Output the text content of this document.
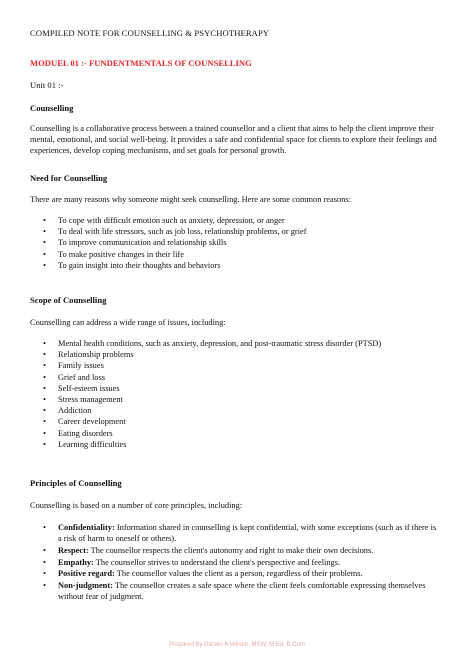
COMPILED NOTE FOR COUNSELLING & PSYCHOTHERAPY
MODUEL 01 :- FUNDENTMENTALS OF COUNSELLING
Unit 01 :-
Counselling

Counselling is a collaborative process between a trained counsellor and a client that aims to help the client improve their mental, emotional, and social well-being. It provides a safe and confidential space for clients to explore their feelings and experiences, develop coping mechanisms, and set goals for personal growth.

Need for Counselling

There are many reasons why someone might seek counselling. Here are some common reasons:

• To cope with difficult emotion such as anxiety, depression, or anger
• To deal with life stressors, such as job loss, relationship problems, or grief
• To improve communication and relationship skills
• To make positive changes in their life
• To gain insight into their thoughts and behaviors
Scope of Counselling

Counselling can address a wide range of issues, including:

• Mental health conditions, such as anxiety, depression, and post-traumatic stress disorder (PTSD)
• Relationship problems
• Family issues
• Grief and loss
• Self-esteem issues
• Stress management
• Addiction
• Career development
• Eating disorders
• Learning difficulties
Principles of Counselling

Counselling is based on a number of core principles, including:

• Confidentiality: Information shared in counselling is kept confidential, with some exceptions (such as if there is a risk of harm to oneself or others).
• Respect: The counsellor respects the client's autonomy and right to make their own decisions.
• Empathy: The counsellor strives to understand the client's perspective and feelings.
• Positive regard: The counsellor values the client as a person, regardless of their problems.
• Non-judgment: The counsellor creates a safe space where the client feels comfortable expressing themselves without fear of judgment.
Prepared By Darwin K Wilson, MSW, M.Ed, B.Com
